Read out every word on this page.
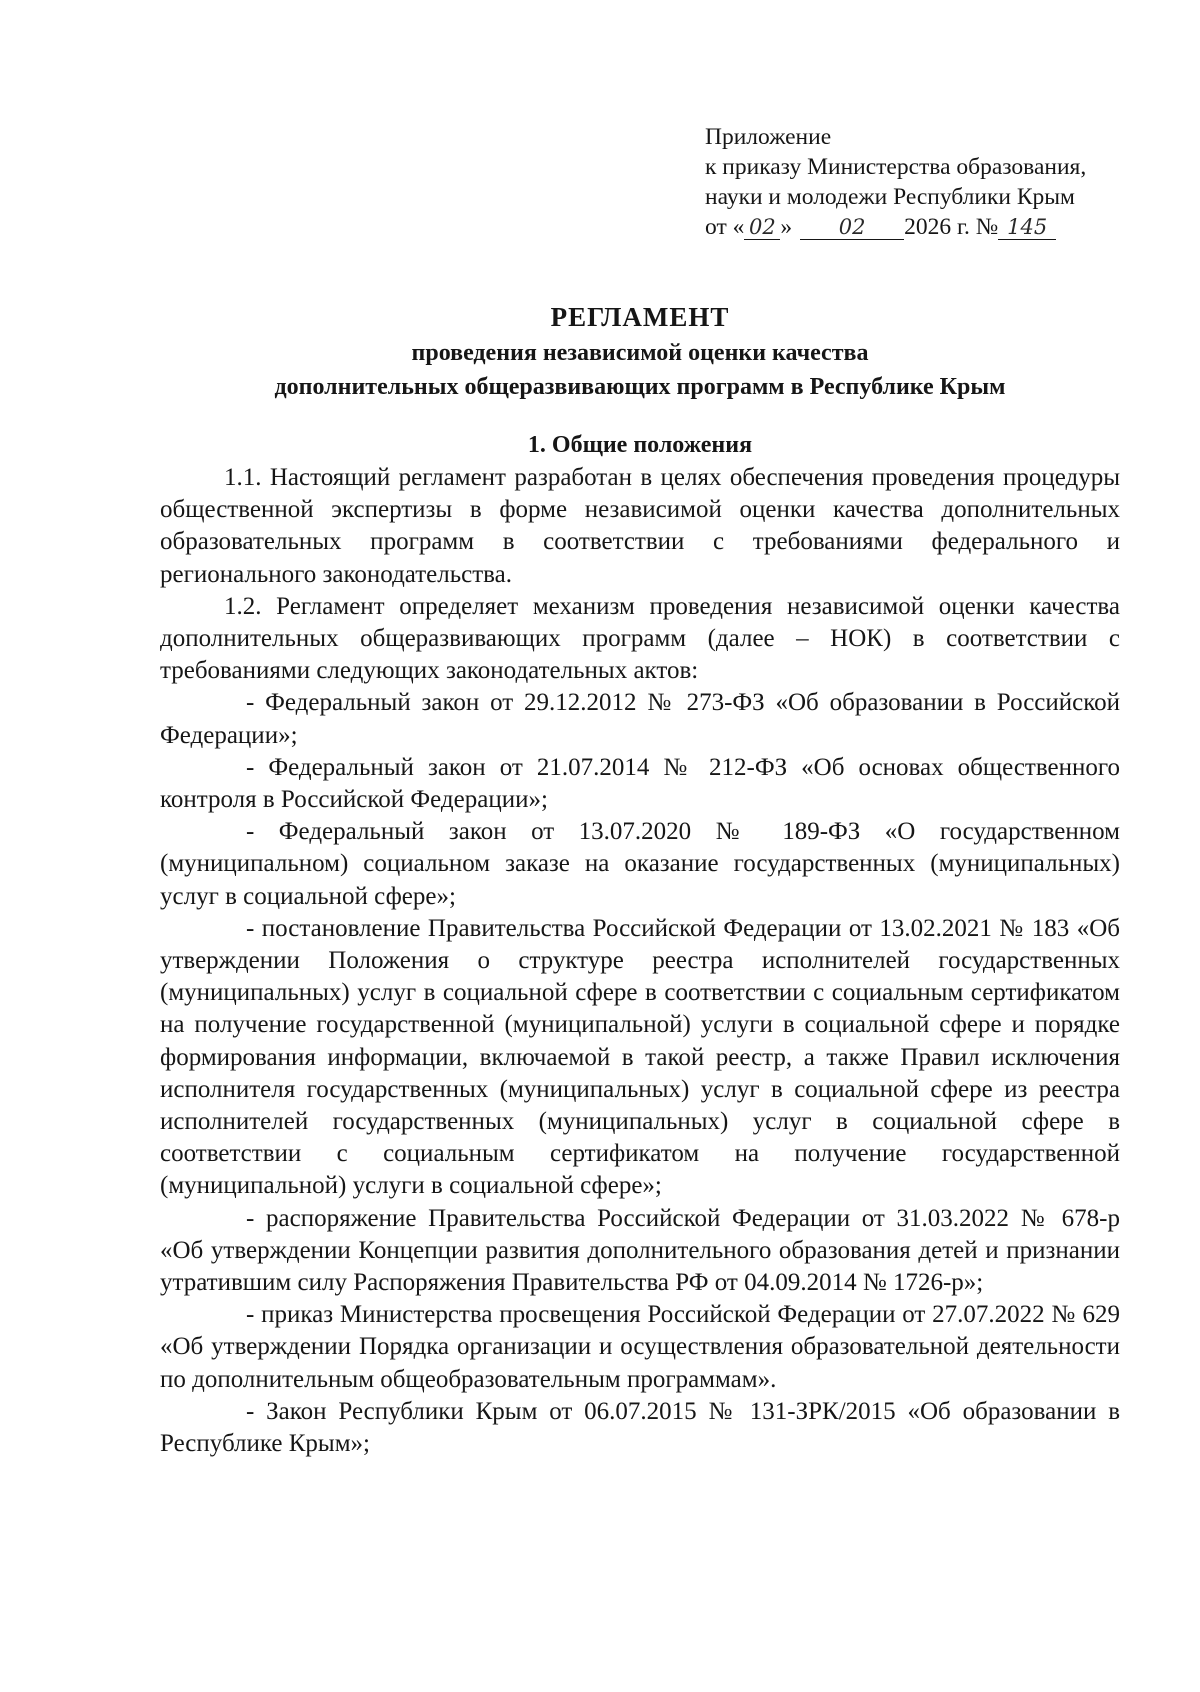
Приложение
к приказу Министерства образования,
науки и молодежи Республики Крым
от « 02 » 02 2026 г. № 145
РЕГЛАМЕНТ
проведения независимой оценки качества
дополнительных общеразвивающих программ в Республике Крым
1. Общие положения

1.1. Настоящий регламент разработан в целях обеспечения проведения процедуры общественной экспертизы в форме независимой оценки качества дополнительных образовательных программ в соответствии с требованиями федерального и регионального законодательства.

1.2. Регламент определяет механизм проведения независимой оценки качества дополнительных общеразвивающих программ (далее – НОК) в соответствии с требованиями следующих законодательных актов:

- Федеральный закон от 29.12.2012 № 273-ФЗ «Об образовании в Российской Федерации»;

- Федеральный закон от 21.07.2014 № 212-ФЗ «Об основах общественного контроля в Российской Федерации»;

- Федеральный закон от 13.07.2020 № 189-ФЗ «О государственном (муниципальном) социальном заказе на оказание государственных (муниципальных) услуг в социальной сфере»;

- постановление Правительства Российской Федерации от 13.02.2021 № 183 «Об утверждении Положения о структуре реестра исполнителей государственных (муниципальных) услуг в социальной сфере в соответствии с социальным сертификатом на получение государственной (муниципальной) услуги в социальной сфере и порядке формирования информации, включаемой в такой реестр, а также Правил исключения исполнителя государственных (муниципальных) услуг в социальной сфере из реестра исполнителей государственных (муниципальных) услуг в социальной сфере в соответствии с социальным сертификатом на получение государственной (муниципальной) услуги в социальной сфере»;

- распоряжение Правительства Российской Федерации от 31.03.2022 № 678-р «Об утверждении Концепции развития дополнительного образования детей и признании утратившим силу Распоряжения Правительства РФ от 04.09.2014 № 1726-р»;

- приказ Министерства просвещения Российской Федерации от 27.07.2022 № 629 «Об утверждении Порядка организации и осуществления образовательной деятельности по дополнительным общеобразовательным программам».

- Закон Республики Крым от 06.07.2015 № 131-ЗРК/2015 «Об образовании в Республике Крым»;
